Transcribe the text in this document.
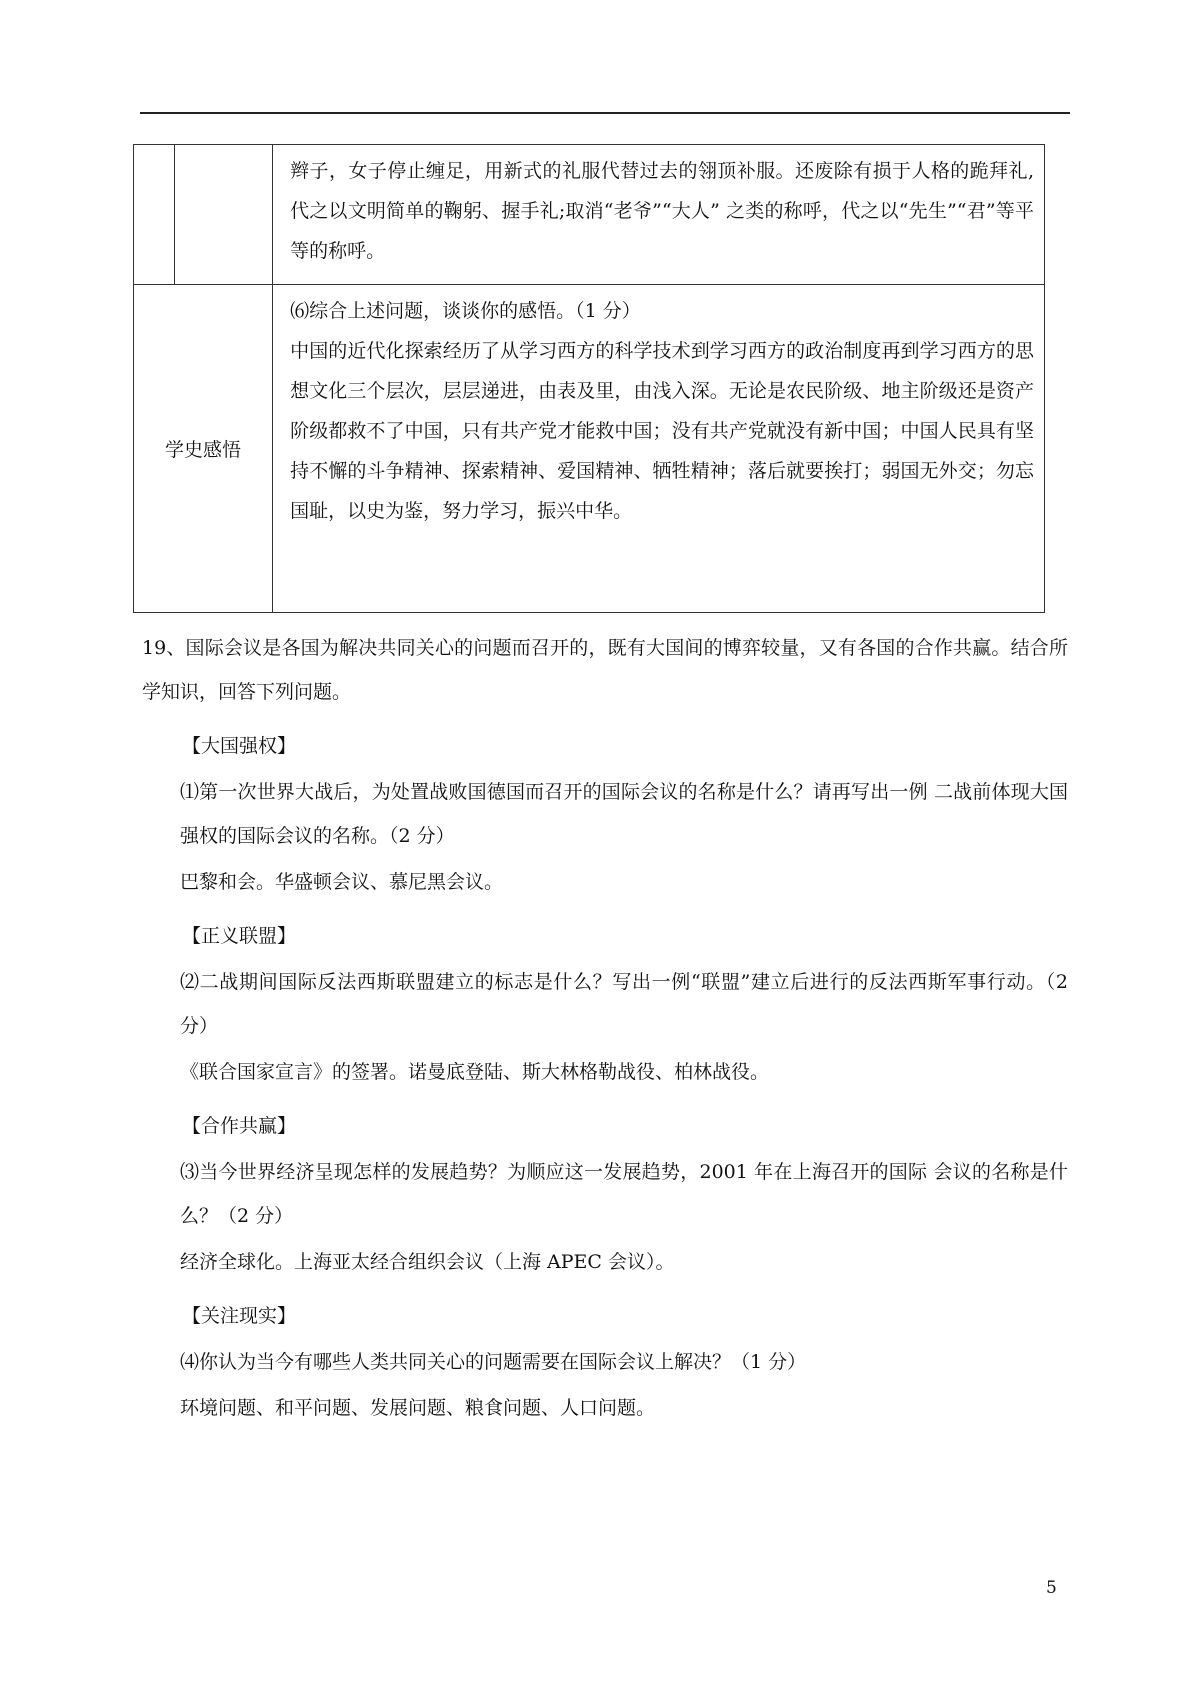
		辫子，女子停止缠足，用新式的礼服代替过去的翎顶补服。还废除有损于人格的跪拜礼,代之以文明简单的鞠躬、握手礼;取消“老爷”“大人” 之类的称呼，代之以“先生”“君”等平等的称呼。

学史感悟		⑹综合上述问题，谈谈你的感悟。（1 分）
中国的近代化探索经历了从学习西方的科学技术到学习西方的政治制度再到学习西方的思想文化三个层次，层层递进，由表及里，由浅入深。无论是农民阶级、地主阶级还是资产阶级都救不了中国，只有共产党才能救中国；没有共产党就没有新中国；中国人民具有坚持不懈的斗争精神、探索精神、爱国精神、牺牲精神；落后就要挨打；弱国无外交；勿忘国耻，以史为鉴，努力学习，振兴中华。

19、国际会议是各国为解决共同关心的问题而召开的，既有大国间的博弈较量，又有各国的合作共赢。结合所学知识，回答下列问题。

【大国强权】

⑴第一次世界大战后，为处置战败国德国而召开的国际会议的名称是什么？请再写出一例 二战前体现大国强权的国际会议的名称。（2 分）

巴黎和会。华盛顿会议、慕尼黑会议。

【正义联盟】

⑵二战期间国际反法西斯联盟建立的标志是什么？写出一例“联盟”建立后进行的反法西斯军事行动。（2 分）

《联合国家宣言》的签署。诺曼底登陆、斯大林格勒战役、柏林战役。

【合作共赢】

⑶当今世界经济呈现怎样的发展趋势？为顺应这一发展趋势，2001 年在上海召开的国际 会议的名称是什么？（2 分）

经济全球化。上海亚太经合组织会议（上海 APEC 会议）。

【关注现实】

⑷你认为当今有哪些人类共同关心的问题需要在国际会议上解决？（1 分）

环境问题、和平问题、发展问题、粮食问题、人口问题。

5
